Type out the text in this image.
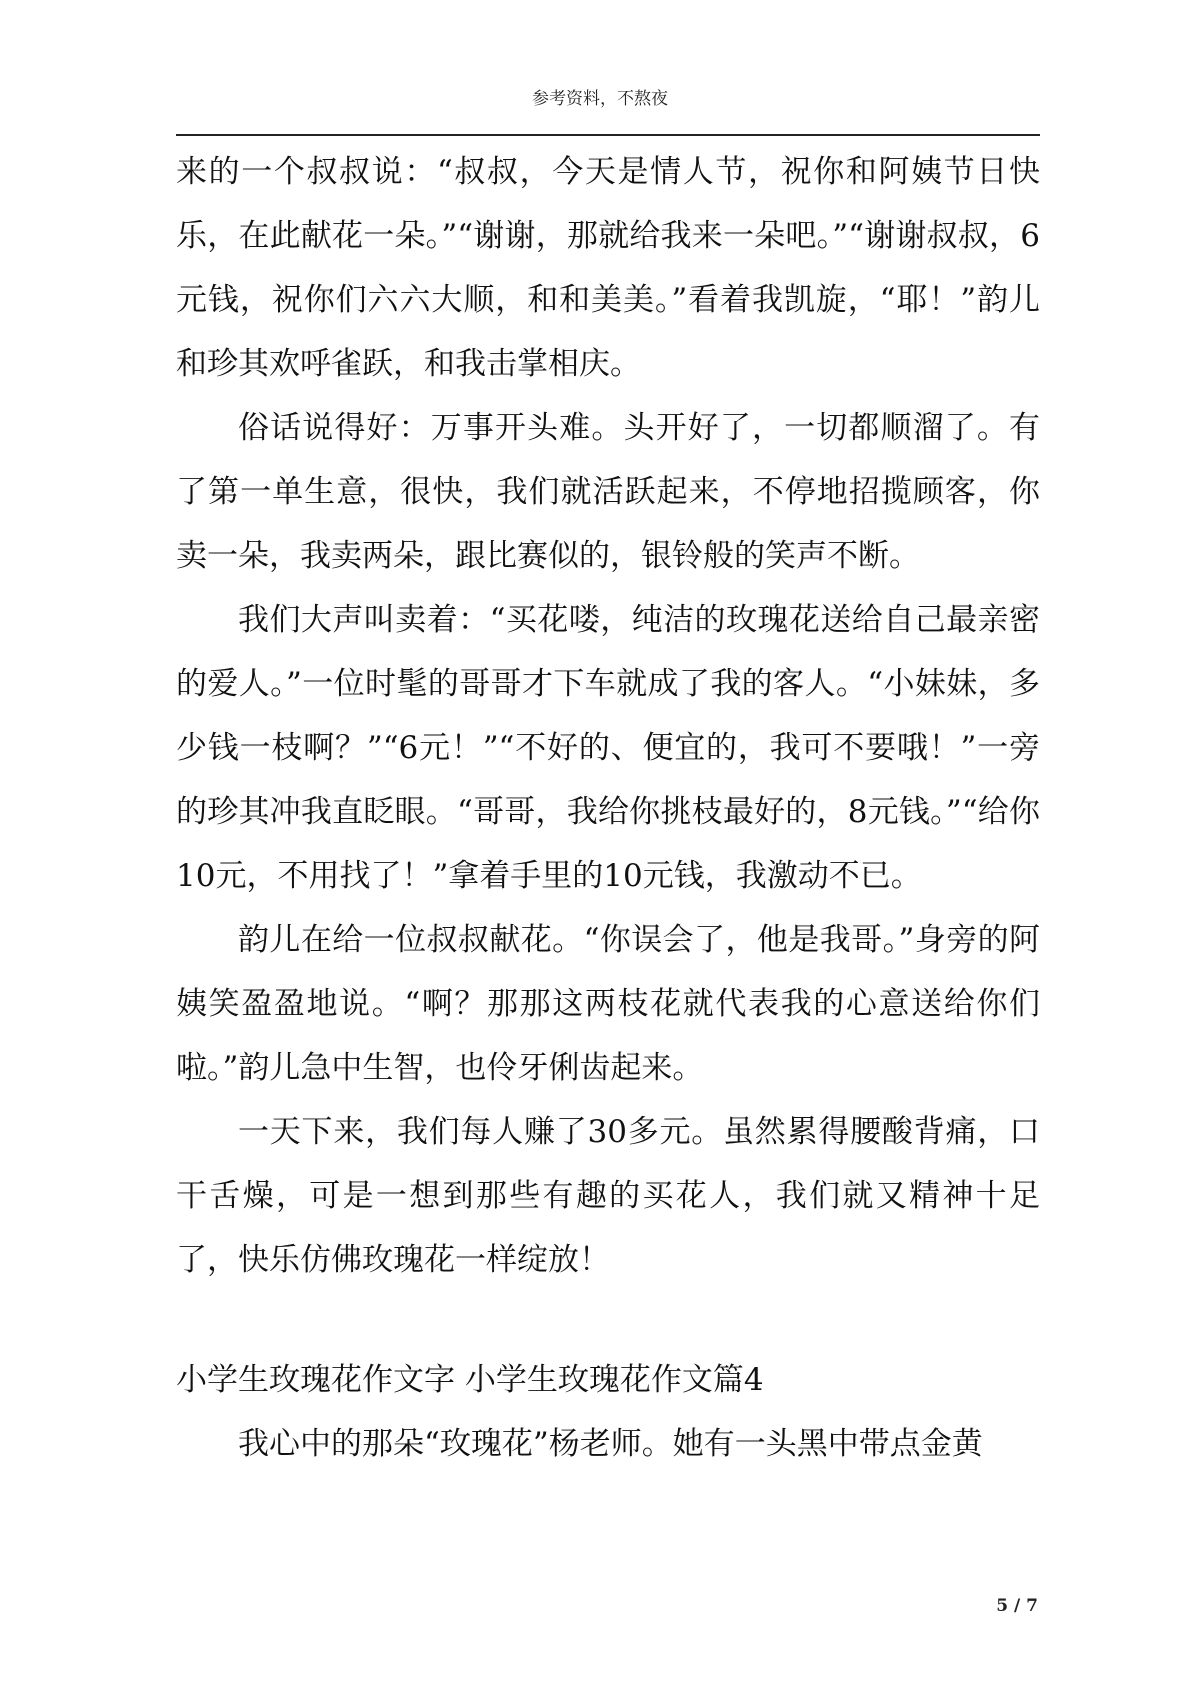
参考资料，不熬夜

来的一个叔叔说：“叔叔，今天是情人节，祝你和阿姨节日快乐，在此献花一朵。”“谢谢，那就给我来一朵吧。”“谢谢叔叔，6元钱，祝你们六六大顺，和和美美。”看着我凯旋，“耶！”韵儿和珍其欢呼雀跃，和我击掌相庆。

俗话说得好：万事开头难。头开好了，一切都顺溜了。有了第一单生意，很快，我们就活跃起来，不停地招揽顾客，你卖一朵，我卖两朵，跟比赛似的，银铃般的笑声不断。

我们大声叫卖着：“买花喽，纯洁的玫瑰花送给自己最亲密的爱人。”一位时髦的哥哥才下车就成了我的客人。“小妹妹，多少钱一枝啊？”“6元！”“不好的、便宜的，我可不要哦！”一旁的珍其冲我直眨眼。“哥哥，我给你挑枝最好的，8元钱。”“给你10元，不用找了！”拿着手里的10元钱，我激动不已。

韵儿在给一位叔叔献花。“你误会了，他是我哥。”身旁的阿姨笑盈盈地说。“啊？那那这两枝花就代表我的心意送给你们啦。”韵儿急中生智，也伶牙俐齿起来。

一天下来，我们每人赚了30多元。虽然累得腰酸背痛，口干舌燥，可是一想到那些有趣的买花人，我们就又精神十足了，快乐仿佛玫瑰花一样绽放！

小学生玫瑰花作文字 小学生玫瑰花作文篇4

我心中的那朵“玫瑰花”杨老师。她有一头黑中带点金黄

5 / 7
